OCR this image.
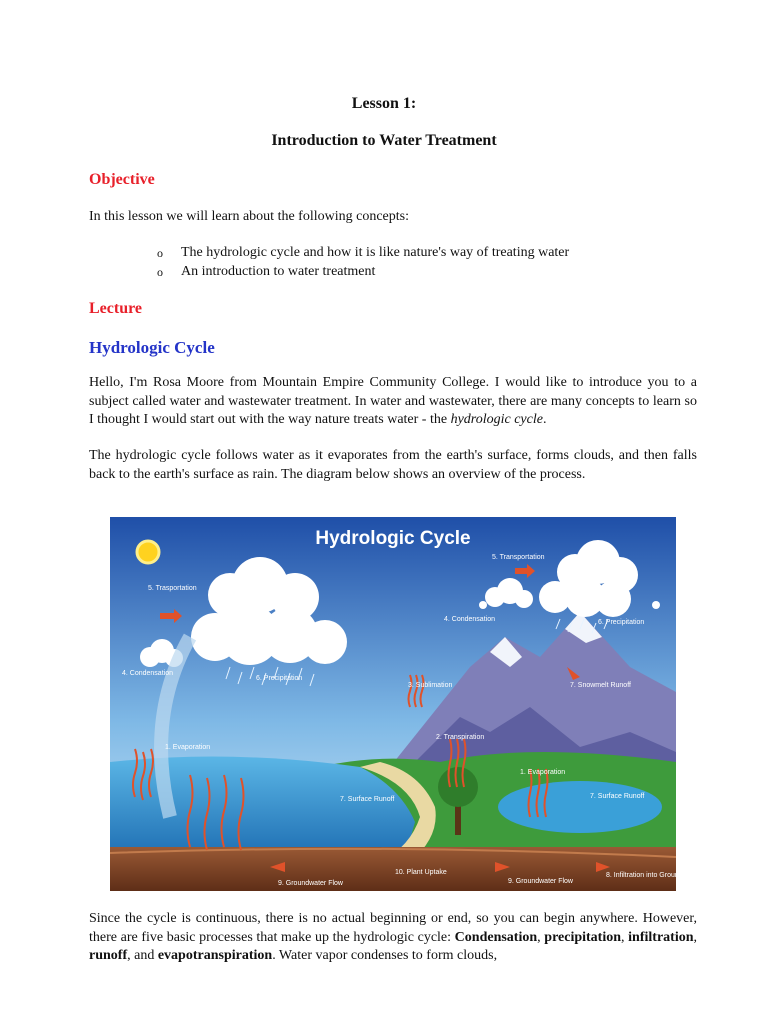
Lesson 1:
Introduction to Water Treatment
Objective
In this lesson we will learn about the following concepts:
o	The hydrologic cycle and how it is like nature's way of treating water
o	An introduction to water treatment
Lecture
Hydrologic Cycle
Hello, I'm Rosa Moore from Mountain Empire Community College. I would like to introduce you to a subject called water and wastewater treatment. In water and wastewater, there are many concepts to learn so I thought I would start out with the way nature treats water - the hydrologic cycle.
The hydrologic cycle follows water as it evaporates from the earth's surface, forms clouds, and then falls back to the earth's surface as rain. The diagram below shows an overview of the process.
Hydrologic Cycle
5. Trasportation
5. Transportation
4. Condensation
4. Condensation
6. Precipitation
6. Precipitation
1. Evaporation
1. Evaporation
3. Sublimation	7. Snowmelt Runoff
2. Transpiration
7. Surface Runoff	7. Surface Runoff
10. Plant Uptake
9. Groundwater Flow	9. Groundwater Flow
8. Infiltration into Groundwater
Since the cycle is continuous, there is no actual beginning or end, so you can begin anywhere. However, there are five basic processes that make up the hydrologic cycle: Condensation, precipitation, infiltration, runoff, and evapotranspiration. Water vapor condenses to form clouds,
